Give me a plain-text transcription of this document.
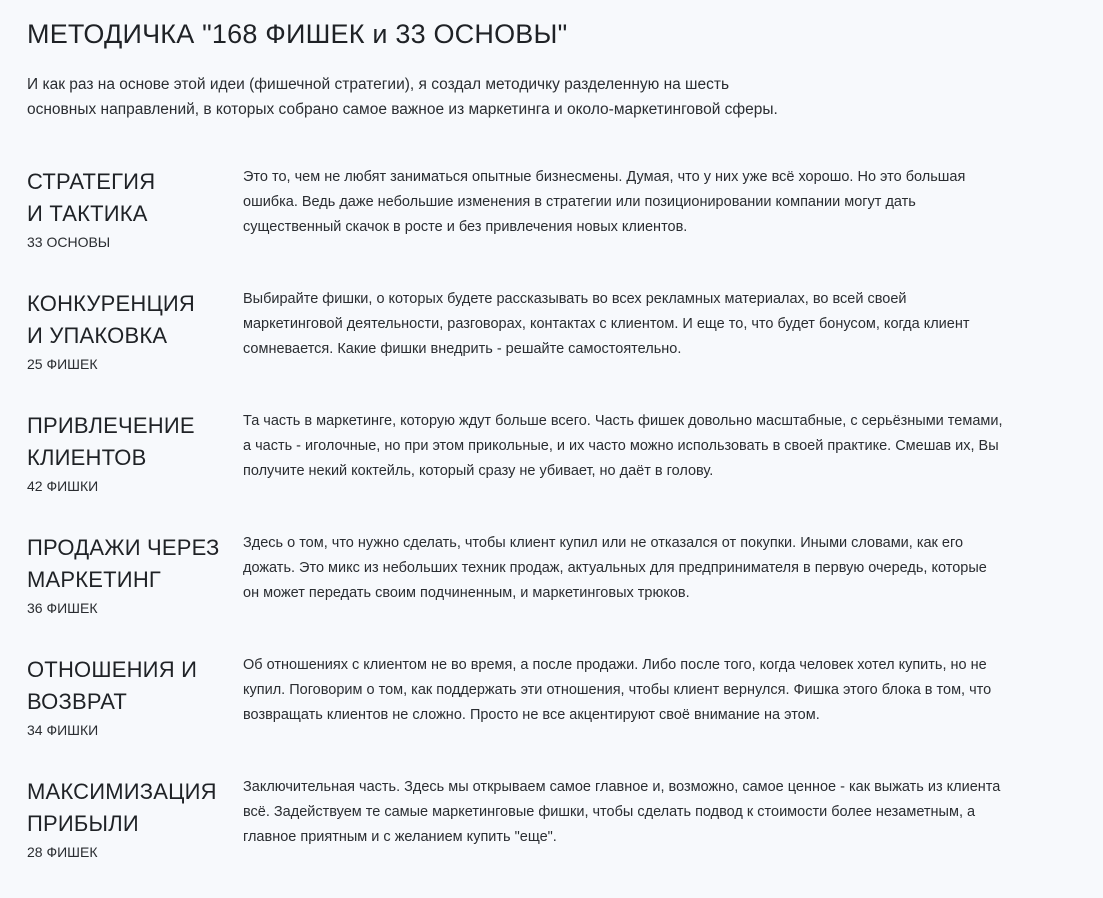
МЕТОДИЧКА "168 ФИШЕК и 33 ОСНОВЫ"

И как раз на основе этой идеи (фишечной стратегии), я создал методичку разделенную на шесть
основных направлений, в которых собрано самое важное из маркетинга и около-маркетинговой сферы.

СТРАТЕГИЯ
И ТАКТИКА
33 ОСНОВЫ
Это то, чем не любят заниматься опытные бизнесмены. Думая, что у них уже всё хорошо. Но это большая
ошибка. Ведь даже небольшие изменения в стратегии или позиционировании компании могут дать
существенный скачок в росте и без привлечения новых клиентов.
КОНКУРЕНЦИЯ
И УПАКОВКА
25 ФИШЕК
Выбирайте фишки, о которых будете рассказывать во всех рекламных материалах, во всей своей
маркетинговой деятельности, разговорах, контактах с клиентом. И еще то, что будет бонусом, когда клиент
сомневается. Какие фишки внедрить - решайте самостоятельно.
ПРИВЛЕЧЕНИЕ
КЛИЕНТОВ
42 ФИШКИ
Та часть в маркетинге, которую ждут больше всего. Часть фишек довольно масштабные, с серьёзными темами,
а часть - иголочные, но при этом прикольные, и их часто можно использовать в своей практике. Смешав их, Вы
получите некий коктейль, который сразу не убивает, но даёт в голову.
ПРОДАЖИ ЧЕРЕЗ
МАРКЕТИНГ
36 ФИШЕК
Здесь о том, что нужно сделать, чтобы клиент купил или не отказался от покупки. Иными словами, как его
дожать. Это микс из небольших техник продаж, актуальных для предпринимателя в первую очередь, которые
он может передать своим подчиненным, и маркетинговых трюков.
ОТНОШЕНИЯ И
ВОЗВРАТ
34 ФИШКИ
Об отношениях с клиентом не во время, а после продажи. Либо после того, когда человек хотел купить, но не
купил. Поговорим о том, как поддержать эти отношения, чтобы клиент вернулся. Фишка этого блока в том, что
возвращать клиентов не сложно. Просто не все акцентируют своё внимание на этом.
МАКСИМИЗАЦИЯ
ПРИБЫЛИ
28 ФИШЕК
Заключительная часть. Здесь мы открываем самое главное и, возможно, самое ценное - как выжать из клиента
всё. Задействуем те самые маркетинговые фишки, чтобы сделать подвод к стоимости более незаметным, а
главное приятным и с желанием купить "еще".
